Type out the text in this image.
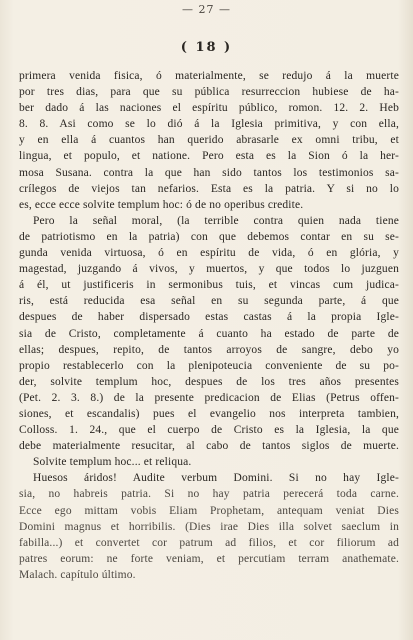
— 27 —
( 18 )
primera venida fisica, ó materialmente, se redujo á la muerte
por tres dias, para que su pública resurreccion hubiese de ha-
ber dado á las naciones el espíritu público, romon. 12. 2. Heb
8. 8. Asi como se lo dió á la Iglesia primitiva, y con ella,
y en ella á cuantos han querido abrasarle ex omni tribu, et
lingua, et populo, et natione. Pero esta es la Sion ó la her-
mosa Susana. contra la que han sido tantos los testimonios sa-
crílegos de viejos tan nefarios. Esta es la patria. Y si no lo
es, ecce ecce solvite templum hoc: ó de no operibus credite.
Pero la señal moral, (la terrible contra quien nada tiene
de patriotismo en la patria) con que debemos contar en su se-
gunda venida virtuosa, ó en espíritu de vida, ó en glória, y
magestad, juzgando á vivos, y muertos, y que todos lo juzguen
á él, ut justificeris in sermonibus tuis, et vincas cum judica-
ris, está reducida esa señal en su segunda parte, á que
despues de haber dispersado estas castas á la propia Igle-
sia de Cristo, completamente á cuanto ha estado de parte de
ellas; despues, repito, de tantos arroyos de sangre, debo yo
propio restablecerlo con la plenipoteucia conveniente de su po-
der, solvite templum hoc, despues de los tres años presentes
(Pet. 2. 3. 8.) de la presente predicacion de Elias (Petrus offen-
siones, et escandalis) pues el evangelio nos interpreta tambien,
Colloss. 1. 24., que el cuerpo de Cristo es la Iglesia, la que
debe materialmente resucitar, al cabo de tantos siglos de muerte.
Solvite templum hoc... et reliqua.
Huesos áridos! Audite verbum Domini. Si no hay Igle-
sia, no habreis patria. Si no hay patria perecerá toda carne.
Ecce ego mittam vobis Eliam Prophetam, antequam veniat Dies
Domini magnus et horribilis. (Dies irae Dies illa solvet saeclum in
fabilla...) et convertet cor patrum ad filios, et cor filiorum ad
patres eorum: ne forte veniam, et percutiam terram anathemate.
Malach. capítulo último.
